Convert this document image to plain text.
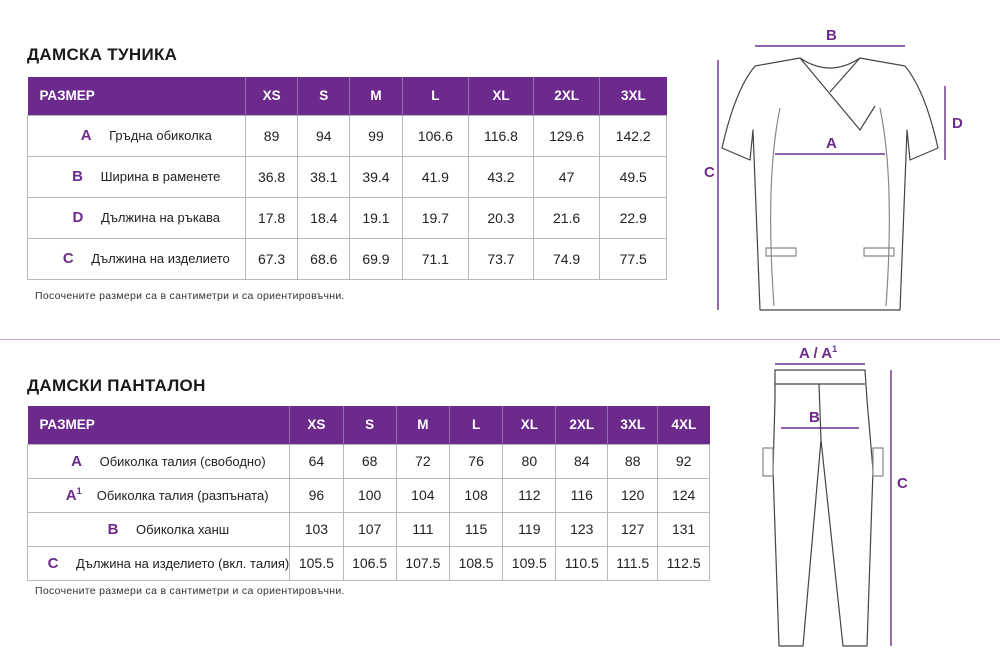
ДАМСКА ТУНИКА
РАЗМЕР	XS	S	M	L	XL	2XL	3XL
A Гръдна обиколка	89	94	99	106.6	116.8	129.6	142.2
B Ширина в раменете	36.8	38.1	39.4	41.9	43.2	47	49.5
D Дължина на ръкава	17.8	18.4	19.1	19.7	20.3	21.6	22.9
C Дължина на изделието	67.3	68.6	69.9	71.1	73.7	74.9	77.5
Посочените размери са в сантиметри и са ориентировъчни.
ДАМСКИ ПАНТАЛОН
РАЗМЕР	XS	S	M	L	XL	2XL	3XL	4XL
A Обиколка талия (свободно)	64	68	72	76	80	84	88	92
$A^1$ Обиколка талия (разпъната)	96	100	104	108	112	116	120	124
B Обиколка ханш	103	107	111	115	119	123	127	131
C Дължина на изделието (вкл. талия)	105.5	106.5	107.5	108.5	109.5	110.5	111.5	112.5
Посочените размери са в сантиметри и са ориентировъчни.
B
A
C
D
A / $A^1$
B
C
